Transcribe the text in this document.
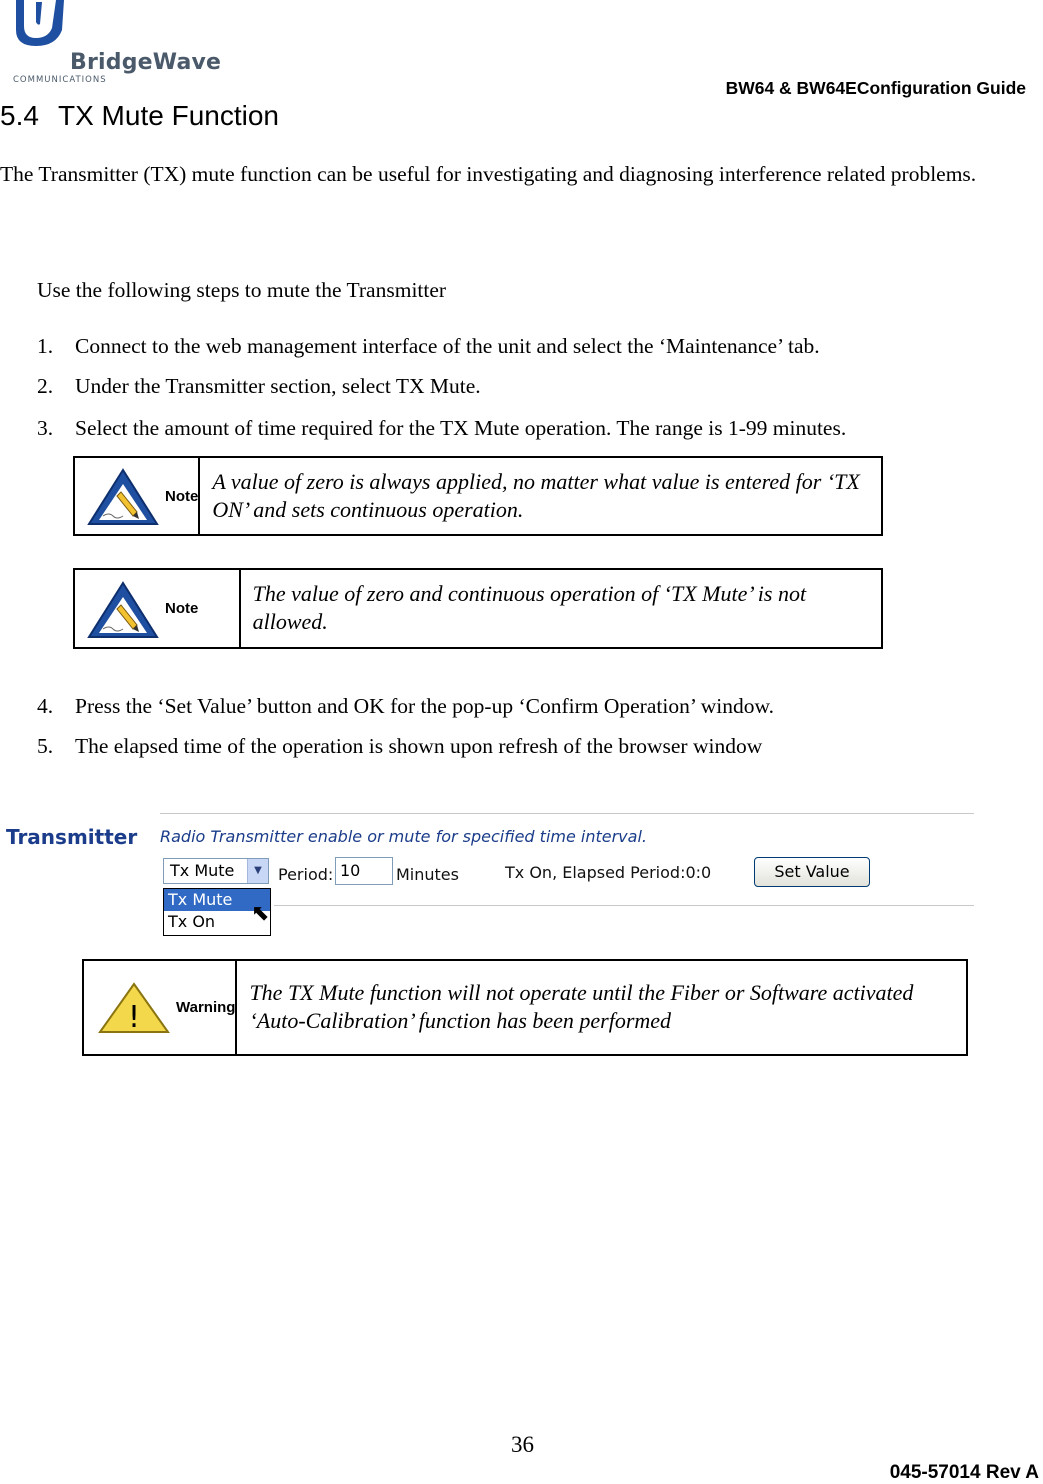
BridgeWave
COMMUNICATIONS	BW64 & BW64EConfiguration Guide
5.4 TX Mute Function
The Transmitter (TX) mute function can be useful for investigating and diagnosing interference related problems.
Use the following steps to mute the Transmitter
1. Connect to the web management interface of the unit and select the ‘Maintenance’ tab.
2. Under the Transmitter section, select TX Mute.
3. Select the amount of time required for the TX Mute operation. The range is 1-99 minutes.
Note
A value of zero is always applied, no matter what value is entered for ‘TX ON’ and sets continuous operation.
Note
The value of zero and continuous operation of ‘TX Mute’ is not allowed.
4. Press the ‘Set Value’ button and OK for the pop-up ‘Confirm Operation’ window.
5. The elapsed time of the operation is shown upon refresh of the browser window
Transmitter Radio Transmitter enable or mute for specified time interval.
Tx Mute	▼
Tx Mute
Tx On	⬉
Period: 10	Minutes	Tx On, Elapsed Period:0:0	Set Value
! Warning
The TX Mute function will not operate until the Fiber or Software activated ‘Auto-Calibration’ function has been performed
36
045-57014 Rev A
